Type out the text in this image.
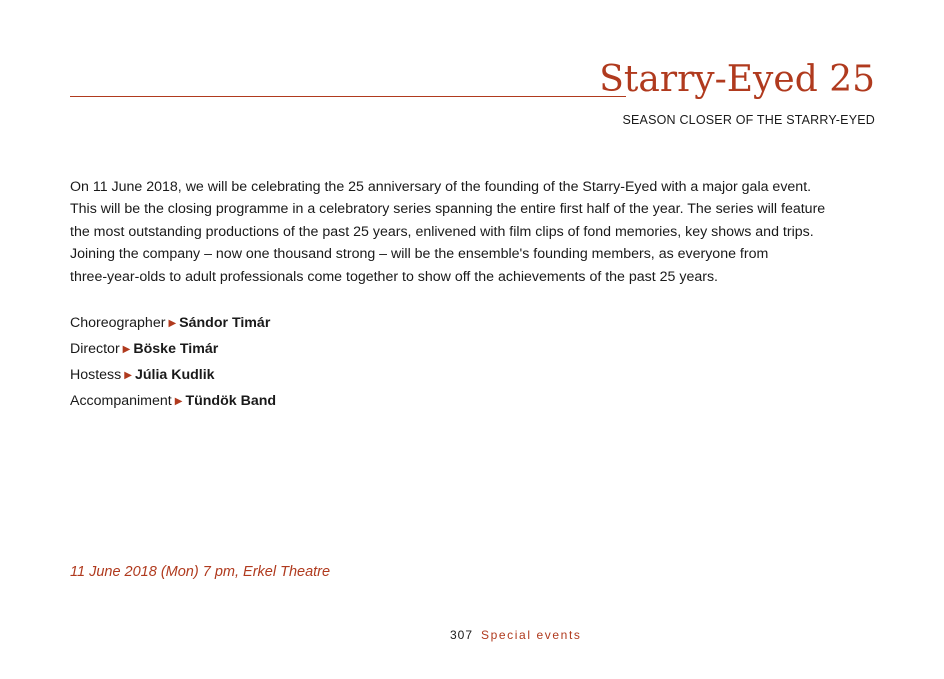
Starry-Eyed 25
SEASON CLOSER OF THE STARRY-EYED
On 11 June 2018, we will be celebrating the 25 anniversary of the founding of the Starry-Eyed with a major gala event.
This will be the closing programme in a celebratory series spanning the entire first half of the year. The series will feature
the most outstanding productions of the past 25 years, enlivened with film clips of fond memories, key shows and trips.
Joining the company – now one thousand strong – will be the ensemble's founding members, as everyone from
three-year-olds to adult professionals come together to show off the achievements of the past 25 years.
Choreographer ▶ Sándor Timár
Director ▶ Böske Timár
Hostess ▶ Júlia Kudlik
Accompaniment ▶ Tündök Band
11 June 2018 (Mon) 7 pm, Erkel Theatre
307 Special events
